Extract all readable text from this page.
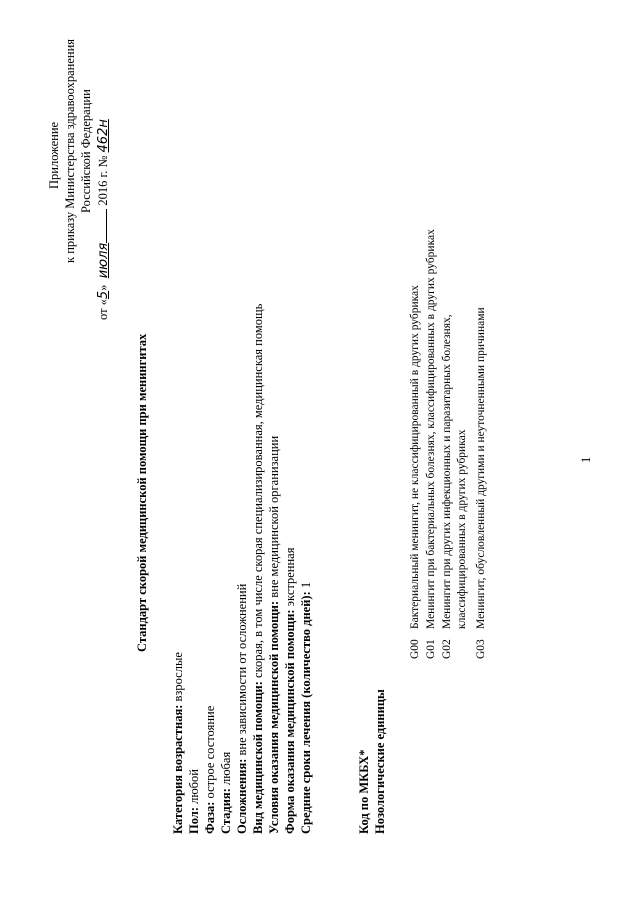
Приложение к приказу Министерства здравоохранения Российской Федерации
от «5»  июля 2016 г. № 462н
Стандарт скорой медицинской помощи при менингитах
Категория возрастная: взрослые
Пол: любой
Фаза: острое состояние
Стадия: любая Осложнения: вне зависимости от осложнений Вид медицинской помощи: скорая, в том числе скорая специализированная, медицинская помощь
Условия оказания медицинской помощи: вне медицинской организации
Форма оказания медицинской помощи: экстренная
Средние сроки лечения (количество дней): 1
Код по МКБХ* Нозологические единицы
G00
Бактериальный менингит, не классифицированный в других рубриках
G01
Менингит при бактериальных болезнях, классифицированных в других рубриках
G02
Менингит при других инфекционных и паразитарных болезнях, классифицированных в других рубриках
G03
Менингит, обусловленный другими и неуточненными причинами	1
